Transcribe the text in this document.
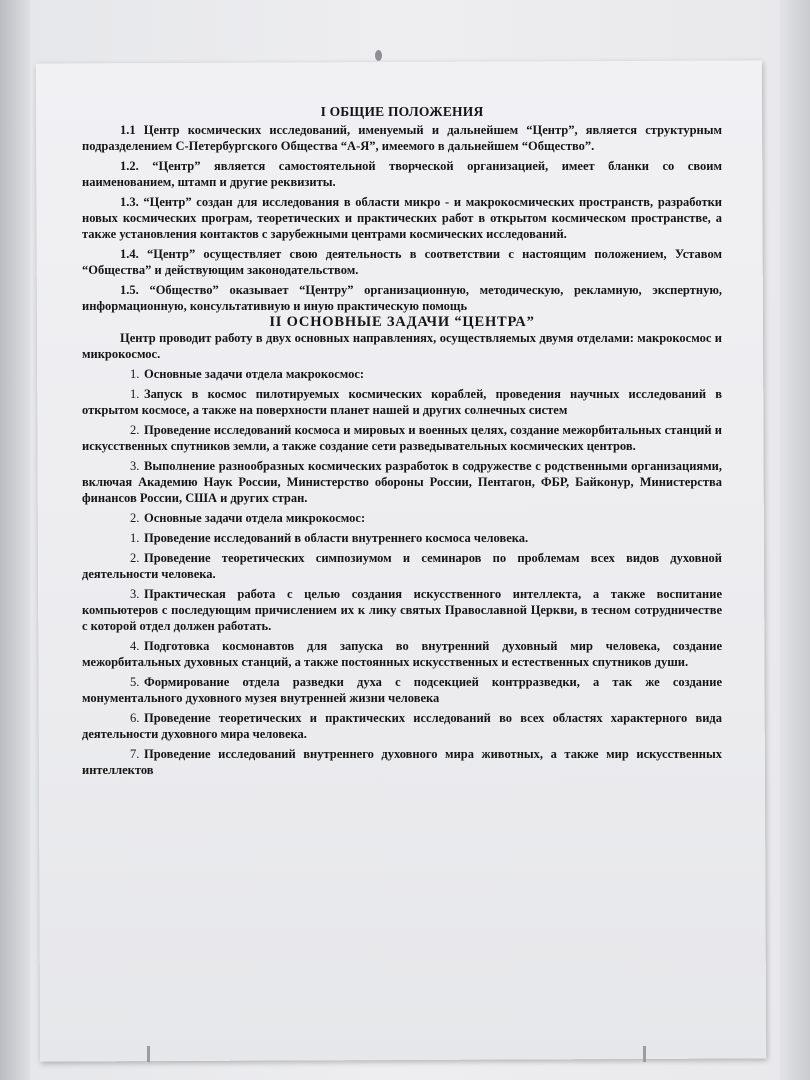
I ОБЩИЕ ПОЛОЖЕНИЯ

1.1 Центр космических исследований, именуемый и дальнейшем “Центр”, является структурным подразделением С-Петербургского Общества “А-Я”, имеемого в дальнейшем “Общество”.

1.2. “Центр” является самостоятельной творческой организацией, имеет бланки со своим наименованием, штамп и другие реквизиты.

1.3. “Центр” создан для исследования в области микро - и макрокосмических пространств, разработки новых космических програм, теоретических и практических работ в открытом космическом пространстве, а также установления контактов с зарубежными центрами космических исследований.

1.4. “Центр” осуществляет свою деятельность в соответствии с настоящим положением, Уставом “Общества” и действующим законодательством.

1.5. “Общество” оказывает “Центру” организационную, методическую, рекламиую, экспертную, информационную, консультативиую и иную практическую помощь

II ОСНОВНЫЕ ЗАДАЧИ “ЦЕНТРА”

Центр проводит работу в двух основных направлениях, осуществляемых двумя отделами: макрокосмос и микрокосмос.

1. Основные задачи отдела макрокосмос:

1. Запуск в космос пилотируемых космических кораблей, проведения научных исследований в открытом космосе, а также на поверхности планет нашей и других солнечных систем

2. Проведение исследований космоса и мировых и военных целях, создание межорбитальных станций и искусственных спутников земли, а также создание сети разведывательных космических центров.

3. Выполнение разнообразных космических разработок в содружестве с родственными организациями, включая Академию Наук России, Министерство обороны России, Пентагон, ФБР, Байконур, Министерства финансов России, США и других стран.

2. Основные задачи отдела микрокосмос:

1. Проведение исследований в области внутреннего космоса человека.

2. Проведение теоретических симпозиумом и семинаров по проблемам всех видов духовной деятельности человека.

3. Практическая работа с целью создания искусственного интеллекта, а также воспитание компьютеров с последующим причислением их к лику святых Православной Церкви, в тесном сотрудничестве с которой отдел должен работать.

4. Подготовка космонавтов для запуска во внутренний духовный мир человека, создание межорбитальных духовных станций, а также постоянных искусственных и естественных спутников души.

5. Формирование отдела разведки духа с подсекцией контрразведки, а так же создание монументального духовного музея внутренней жизни человека

6. Проведение теоретических и практических исследований во всех областях характерного вида деятельности духовного мира человека.

7. Проведение исследований внутреннего духовного мира животных, а также мир искусственных интеллектов
